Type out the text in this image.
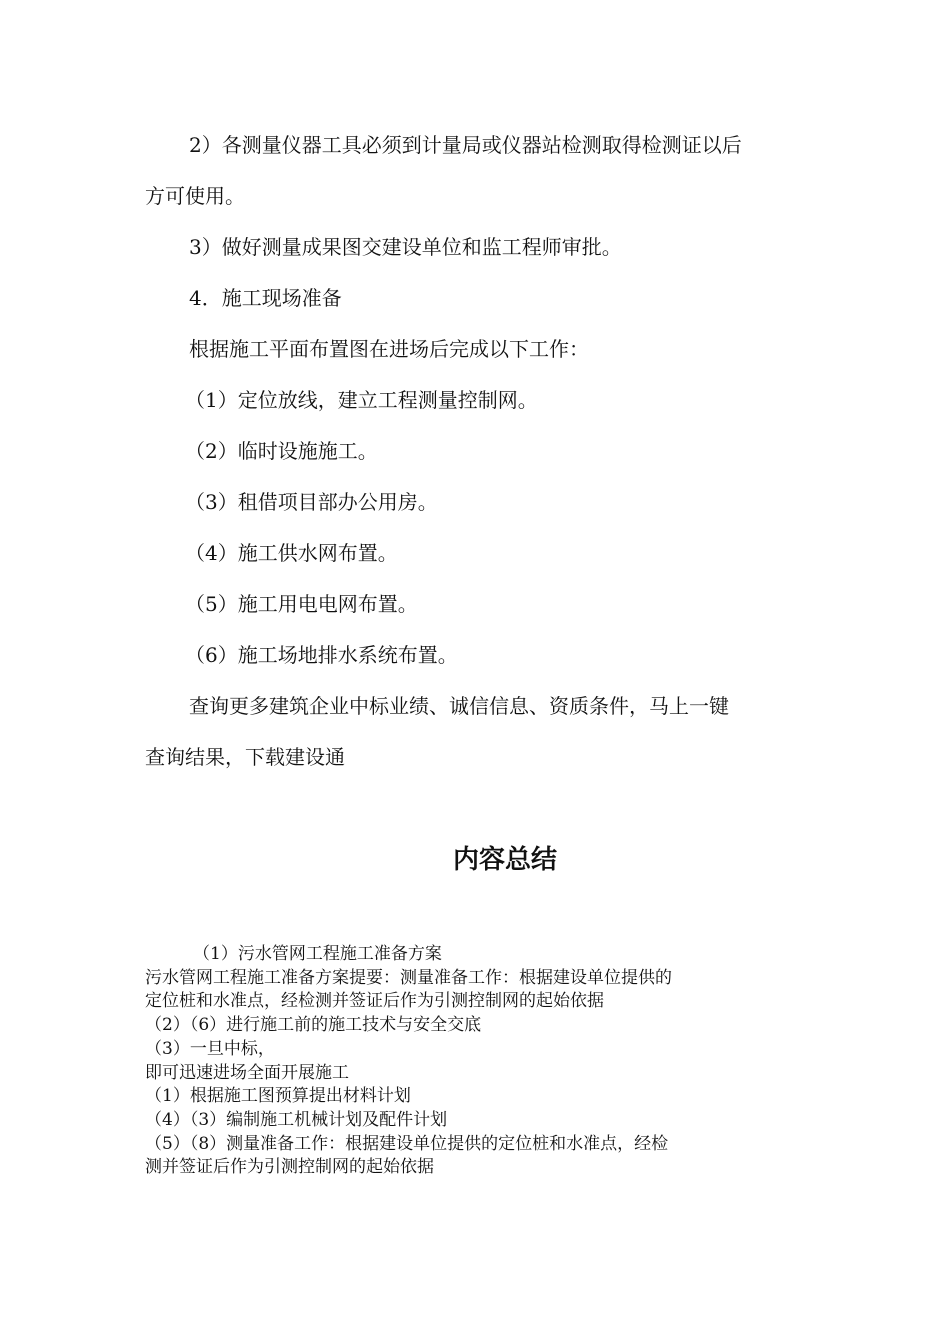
2）各测量仪器工具必须到计量局或仪器站检测取得检测证以后

方可使用。

3）做好测量成果图交建设单位和监工程师审批。

4．施工现场准备

根据施工平面布置图在进场后完成以下工作：

（1）定位放线，建立工程测量控制网。

（2）临时设施施工。

（3）租借项目部办公用房。

（4）施工供水网布置。

（5）施工用电电网布置。

（6）施工场地排水系统布置。

查询更多建筑企业中标业绩、诚信信息、资质条件，马上一键

查询结果，下载建设通

内容总结

（1）污水管网工程施工准备方案

污水管网工程施工准备方案提要：测量准备工作：根据建设单位提供的

定位桩和水准点，经检测并签证后作为引测控制网的起始依据

（2）（6）进行施工前的施工技术与安全交底

（3）一旦中标，

即可迅速进场全面开展施工

（1）根据施工图预算提出材料计划

（4）（3）编制施工机械计划及配件计划

（5）（8）测量准备工作：根据建设单位提供的定位桩和水准点，经检

测并签证后作为引测控制网的起始依据
